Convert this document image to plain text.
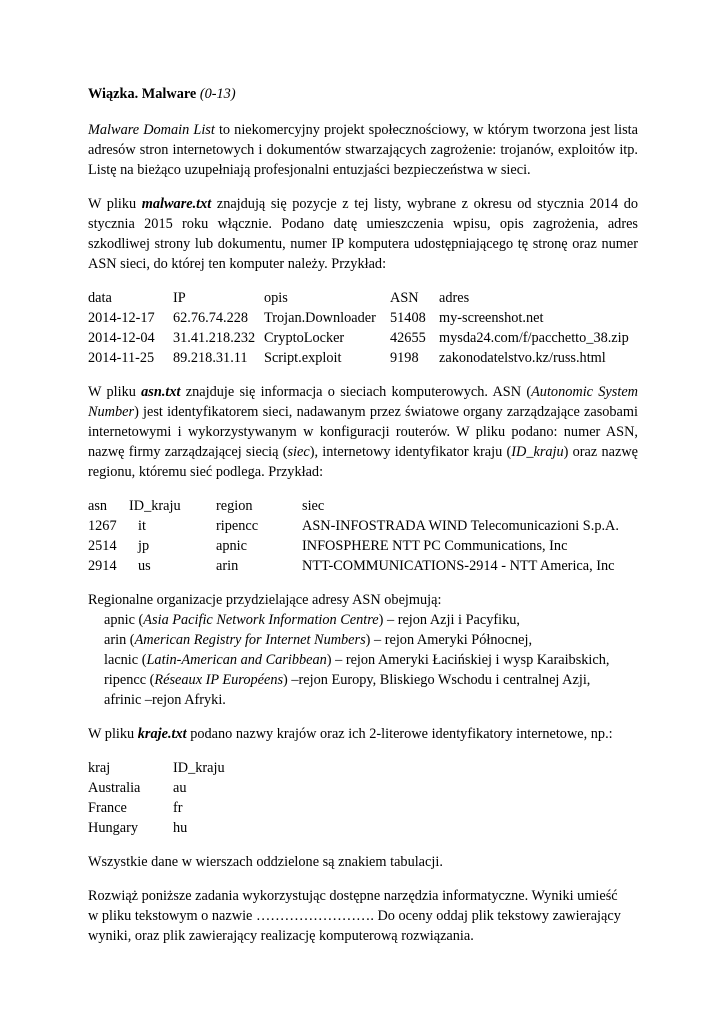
Wiązka. Malware (0-13)

Malware Domain List to niekomercyjny projekt społecznościowy, w którym tworzona jest lista adresów stron internetowych i dokumentów stwarzających zagrożenie: trojanów, exploitów itp. Listę na bieżąco uzupełniają profesjonalni entuzjaści bezpieczeństwa w sieci.

W pliku malware.txt znajdują się pozycje z tej listy, wybrane z okresu od stycznia 2014 do stycznia 2015 roku włącznie. Podano datę umieszczenia wpisu, opis zagrożenia, adres szkodliwej strony lub dokumentu, numer IP komputera udostępniającego tę stronę oraz numer ASN sieci, do której ten komputer należy. Przykład:

data	IP	opis	ASN	adres
2014-12-17	62.76.74.228	Trojan.Downloader	51408	my-screenshot.net
2014-12-04	31.41.218.232	CryptoLocker	42655	mysda24.com/f/pacchetto_38.zip
2014-11-25	89.218.31.11	Script.exploit	9198	zakonodatelstvo.kz/russ.html

W pliku asn.txt znajduje się informacja o sieciach komputerowych. ASN (Autonomic System Number) jest identyfikatorem sieci, nadawanym przez światowe organy zarządzające zasobami internetowymi i wykorzystywanym w konfiguracji routerów. W pliku podano: numer ASN, nazwę firmy zarządzającej siecią (siec), internetowy identyfikator kraju (ID_kraju) oraz nazwę regionu, któremu sieć podlega. Przykład:

asn	ID_kraju	region	siec
1267	it	ripencc	ASN-INFOSTRADA WIND Telecomunicazioni S.p.A.
2514	jp	apnic	INFOSPHERE NTT PC Communications, Inc
2914	us	arin	NTT-COMMUNICATIONS-2914 - NTT America, Inc

Regionalne organizacje przydzielające adresy ASN obejmują:

apnic (Asia Pacific Network Information Centre) – rejon Azji i Pacyfiku,

arin (American Registry for Internet Numbers) – rejon Ameryki Północnej,

lacnic (Latin-American and Caribbean) – rejon Ameryki Łacińskiej i wysp Karaibskich,

ripencc (Réseaux IP Européens) –rejon Europy, Bliskiego Wschodu i centralnej Azji,

afrinic –rejon Afryki.

W pliku kraje.txt podano nazwy krajów oraz ich 2-literowe identyfikatory internetowe, np.:

kraj	ID_kraju
Australia	au
France	fr
Hungary	hu

Wszystkie dane w wierszach oddzielone są znakiem tabulacji.

Rozwiąż poniższe zadania wykorzystując dostępne narzędzia informatyczne. Wyniki umieść

w pliku tekstowym o nazwie ……………………. Do oceny oddaj plik tekstowy zawierający

wyniki, oraz plik zawierający realizację komputerową rozwiązania.
